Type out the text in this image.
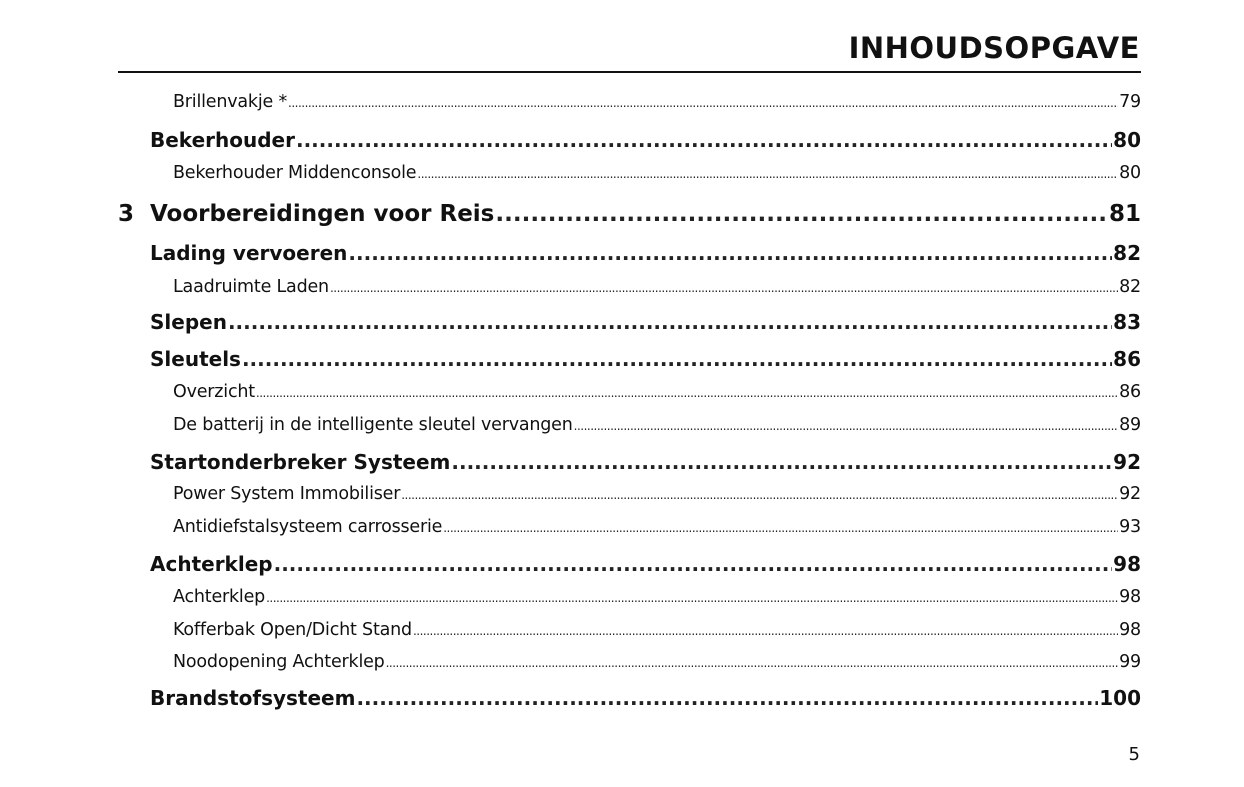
INHOUDSOPGAVE
Brillenvakje * .....	79
Bekerhouder .....	80
Bekerhouder Middenconsole .....	80
3 Voorbereidingen voor Reis .....	81
Lading vervoeren .....	82
Laadruimte Laden .....	82
Slepen .....	83
Sleutels .....	86
Overzicht .....	86
De batterij in de intelligente sleutel vervangen .....	89
Startonderbreker Systeem .....	92
Power System Immobiliser .....	92
Antidiefstalsysteem carrosserie .....	93
Achterklep .....	98
Achterklep .....	98
Kofferbak Open/Dicht Stand .....	98
Noodopening Achterklep .....	99
Brandstofsysteem .....	100
5
